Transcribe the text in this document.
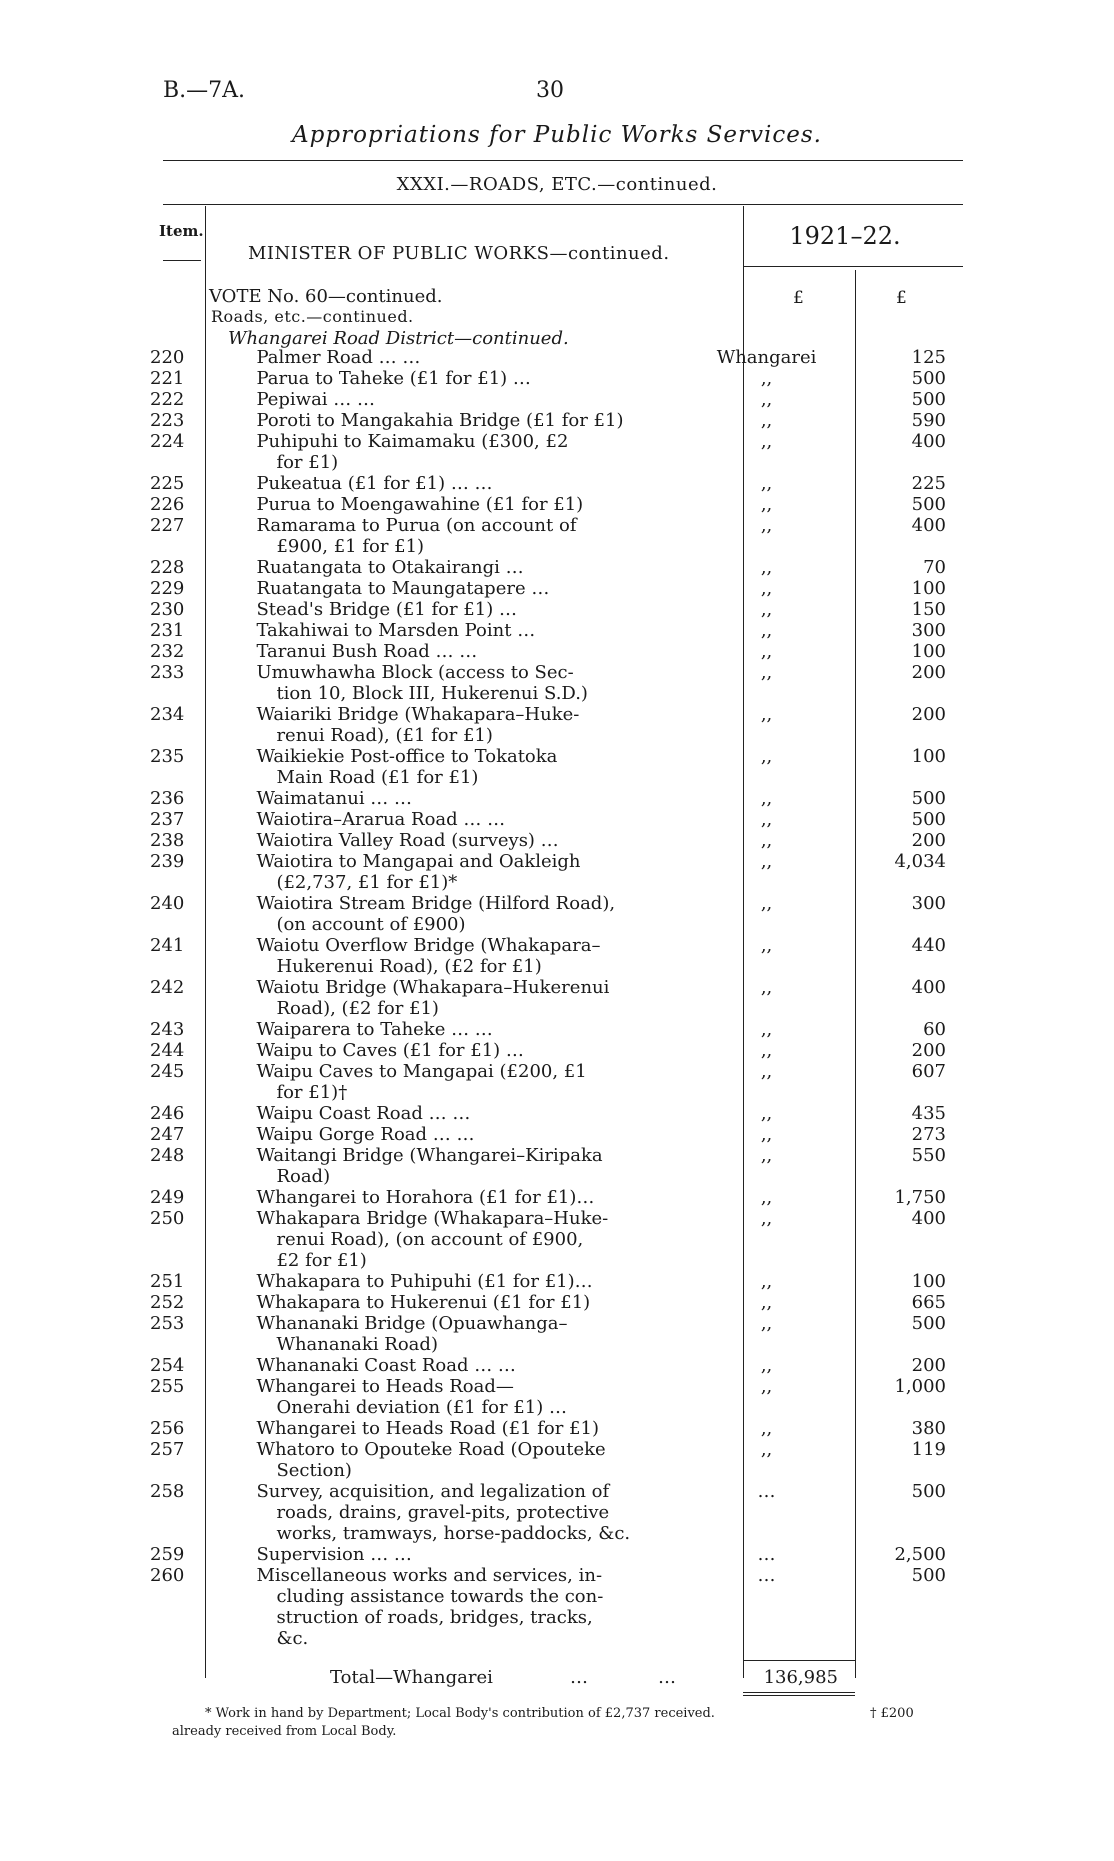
B.—7A.	30
Appropriations for Public Works Services.
XXXI.—ROADS, ETC.—continued.
Item.
MINISTER OF PUBLIC WORKS—continued.
1921–22.
£	£
VOTE No. 60—continued.
Roads, etc.—continued.
Whangarei Road District—continued.
220	Palmer Road … …	Whangarei	125
221	Parua to Taheke (£1 for £1) …	,,	500
222	Pepiwai … …	,,	500
223	Poroti to Mangakahia Bridge (£1 for £1)	,,	590
224	Puhipuhi to Kaimamaku (£300, £2
for £1)	,,	400
225	Pukeatua (£1 for £1) … …	,,	225
226	Purua to Moengawahine (£1 for £1)	,,	500
227	Ramarama to Purua (on account of
£900, £1 for £1)	,,	400
228	Ruatangata to Otakairangi …	,,	70
229	Ruatangata to Maungatapere …	,,	100
230	Stead's Bridge (£1 for £1) …	,,	150
231	Takahiwai to Marsden Point …	,,	300
232	Taranui Bush Road … …	,,	100
233	Umuwhawha Block (access to Sec-
tion 10, Block III, Hukerenui S.D.)	,,	200
234	Waiariki Bridge (Whakapara–Huke-
renui Road), (£1 for £1)	,,	200
235	Waikiekie Post-office to Tokatoka
Main Road (£1 for £1)	,,	100
236	Waimatanui … …	,,	500
237	Waiotira–Ararua Road … …	,,	500
238	Waiotira Valley Road (surveys) …	,,	200
239	Waiotira to Mangapai and Oakleigh
(£2,737, £1 for £1)*	,,	4,034
240	Waiotira Stream Bridge (Hilford Road),
(on account of £900)	,,	300
241	Waiotu Overflow Bridge (Whakapara–
Hukerenui Road), (£2 for £1)	,,	440
242	Waiotu Bridge (Whakapara–Hukerenui
Road), (£2 for £1)	,,	400
243	Waiparera to Taheke … …	,,	60
244	Waipu to Caves (£1 for £1) …	,,	200
245	Waipu Caves to Mangapai (£200, £1
for £1)†	,,	607
246	Waipu Coast Road … …	,,	435
247	Waipu Gorge Road … …	,,	273
248	Waitangi Bridge (Whangarei–Kiripaka
Road)	,,	550
249	Whangarei to Horahora (£1 for £1)…	,,	1,750
250	Whakapara Bridge (Whakapara–Huke-
renui Road), (on account of £900,
£2 for £1)	,,	400
251	Whakapara to Puhipuhi (£1 for £1)…	,,	100
252	Whakapara to Hukerenui (£1 for £1)	,,	665
253	Whananaki Bridge (Opuawhanga–
Whananaki Road)	,,	500
254	Whananaki Coast Road … …	,,	200
255	Whangarei to Heads Road—
Onerahi deviation (£1 for £1) …	,,	1,000
256	Whangarei to Heads Road (£1 for £1)	,,	380
257	Whatoro to Opouteke Road (Opouteke
Section)	,,	119
258	Survey, acquisition, and legalization of
roads, drains, gravel-pits, protective
works, tramways, horse-paddocks, &c.	…	500
259	Supervision … …	…	2,500
260	Miscellaneous works and services, in-
cluding assistance towards the con-
struction of roads, bridges, tracks,
&c.	…	500
Total—Whangarei	…	…	136,985
* Work in hand by Department; Local Body's contribution of £2,737 received.	† £200
already received from Local Body.
